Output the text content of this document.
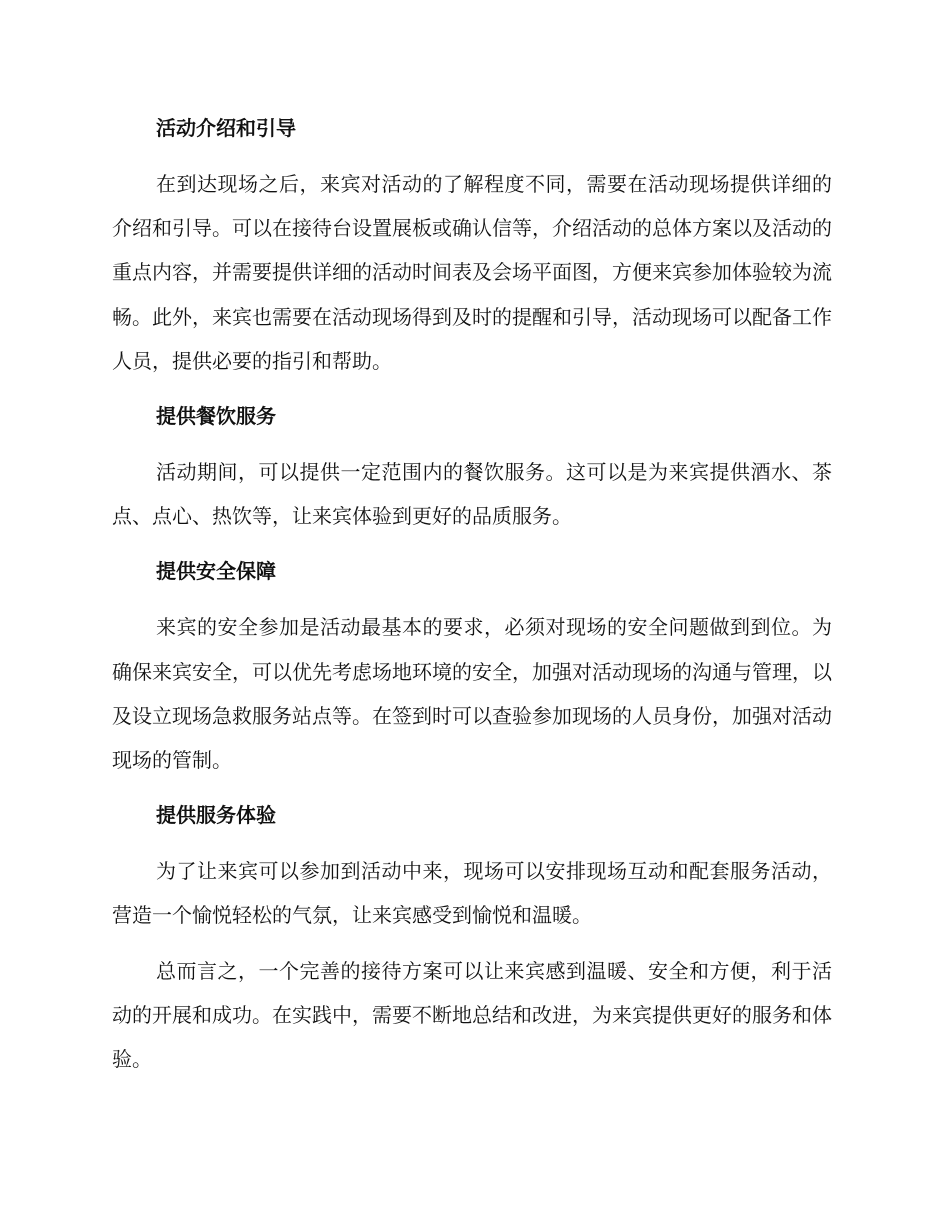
活动介绍和引导

在到达现场之后，来宾对活动的了解程度不同，需要在活动现场提供详细的介绍和引导。可以在接待台设置展板或确认信等，介绍活动的总体方案以及活动的重点内容，并需要提供详细的活动时间表及会场平面图，方便来宾参加体验较为流畅。此外，来宾也需要在活动现场得到及时的提醒和引导，活动现场可以配备工作人员，提供必要的指引和帮助。

提供餐饮服务

活动期间，可以提供一定范围内的餐饮服务。这可以是为来宾提供酒水、茶点、点心、热饮等，让来宾体验到更好的品质服务。

提供安全保障

来宾的安全参加是活动最基本的要求，必须对现场的安全问题做到到位。为确保来宾安全，可以优先考虑场地环境的安全，加强对活动现场的沟通与管理，以及设立现场急救服务站点等。在签到时可以查验参加现场的人员身份，加强对活动现场的管制。

提供服务体验

为了让来宾可以参加到活动中来，现场可以安排现场互动和配套服务活动，营造一个愉悦轻松的气氛，让来宾感受到愉悦和温暖。

总而言之，一个完善的接待方案可以让来宾感到温暖、安全和方便，利于活动的开展和成功。在实践中，需要不断地总结和改进，为来宾提供更好的服务和体验。
